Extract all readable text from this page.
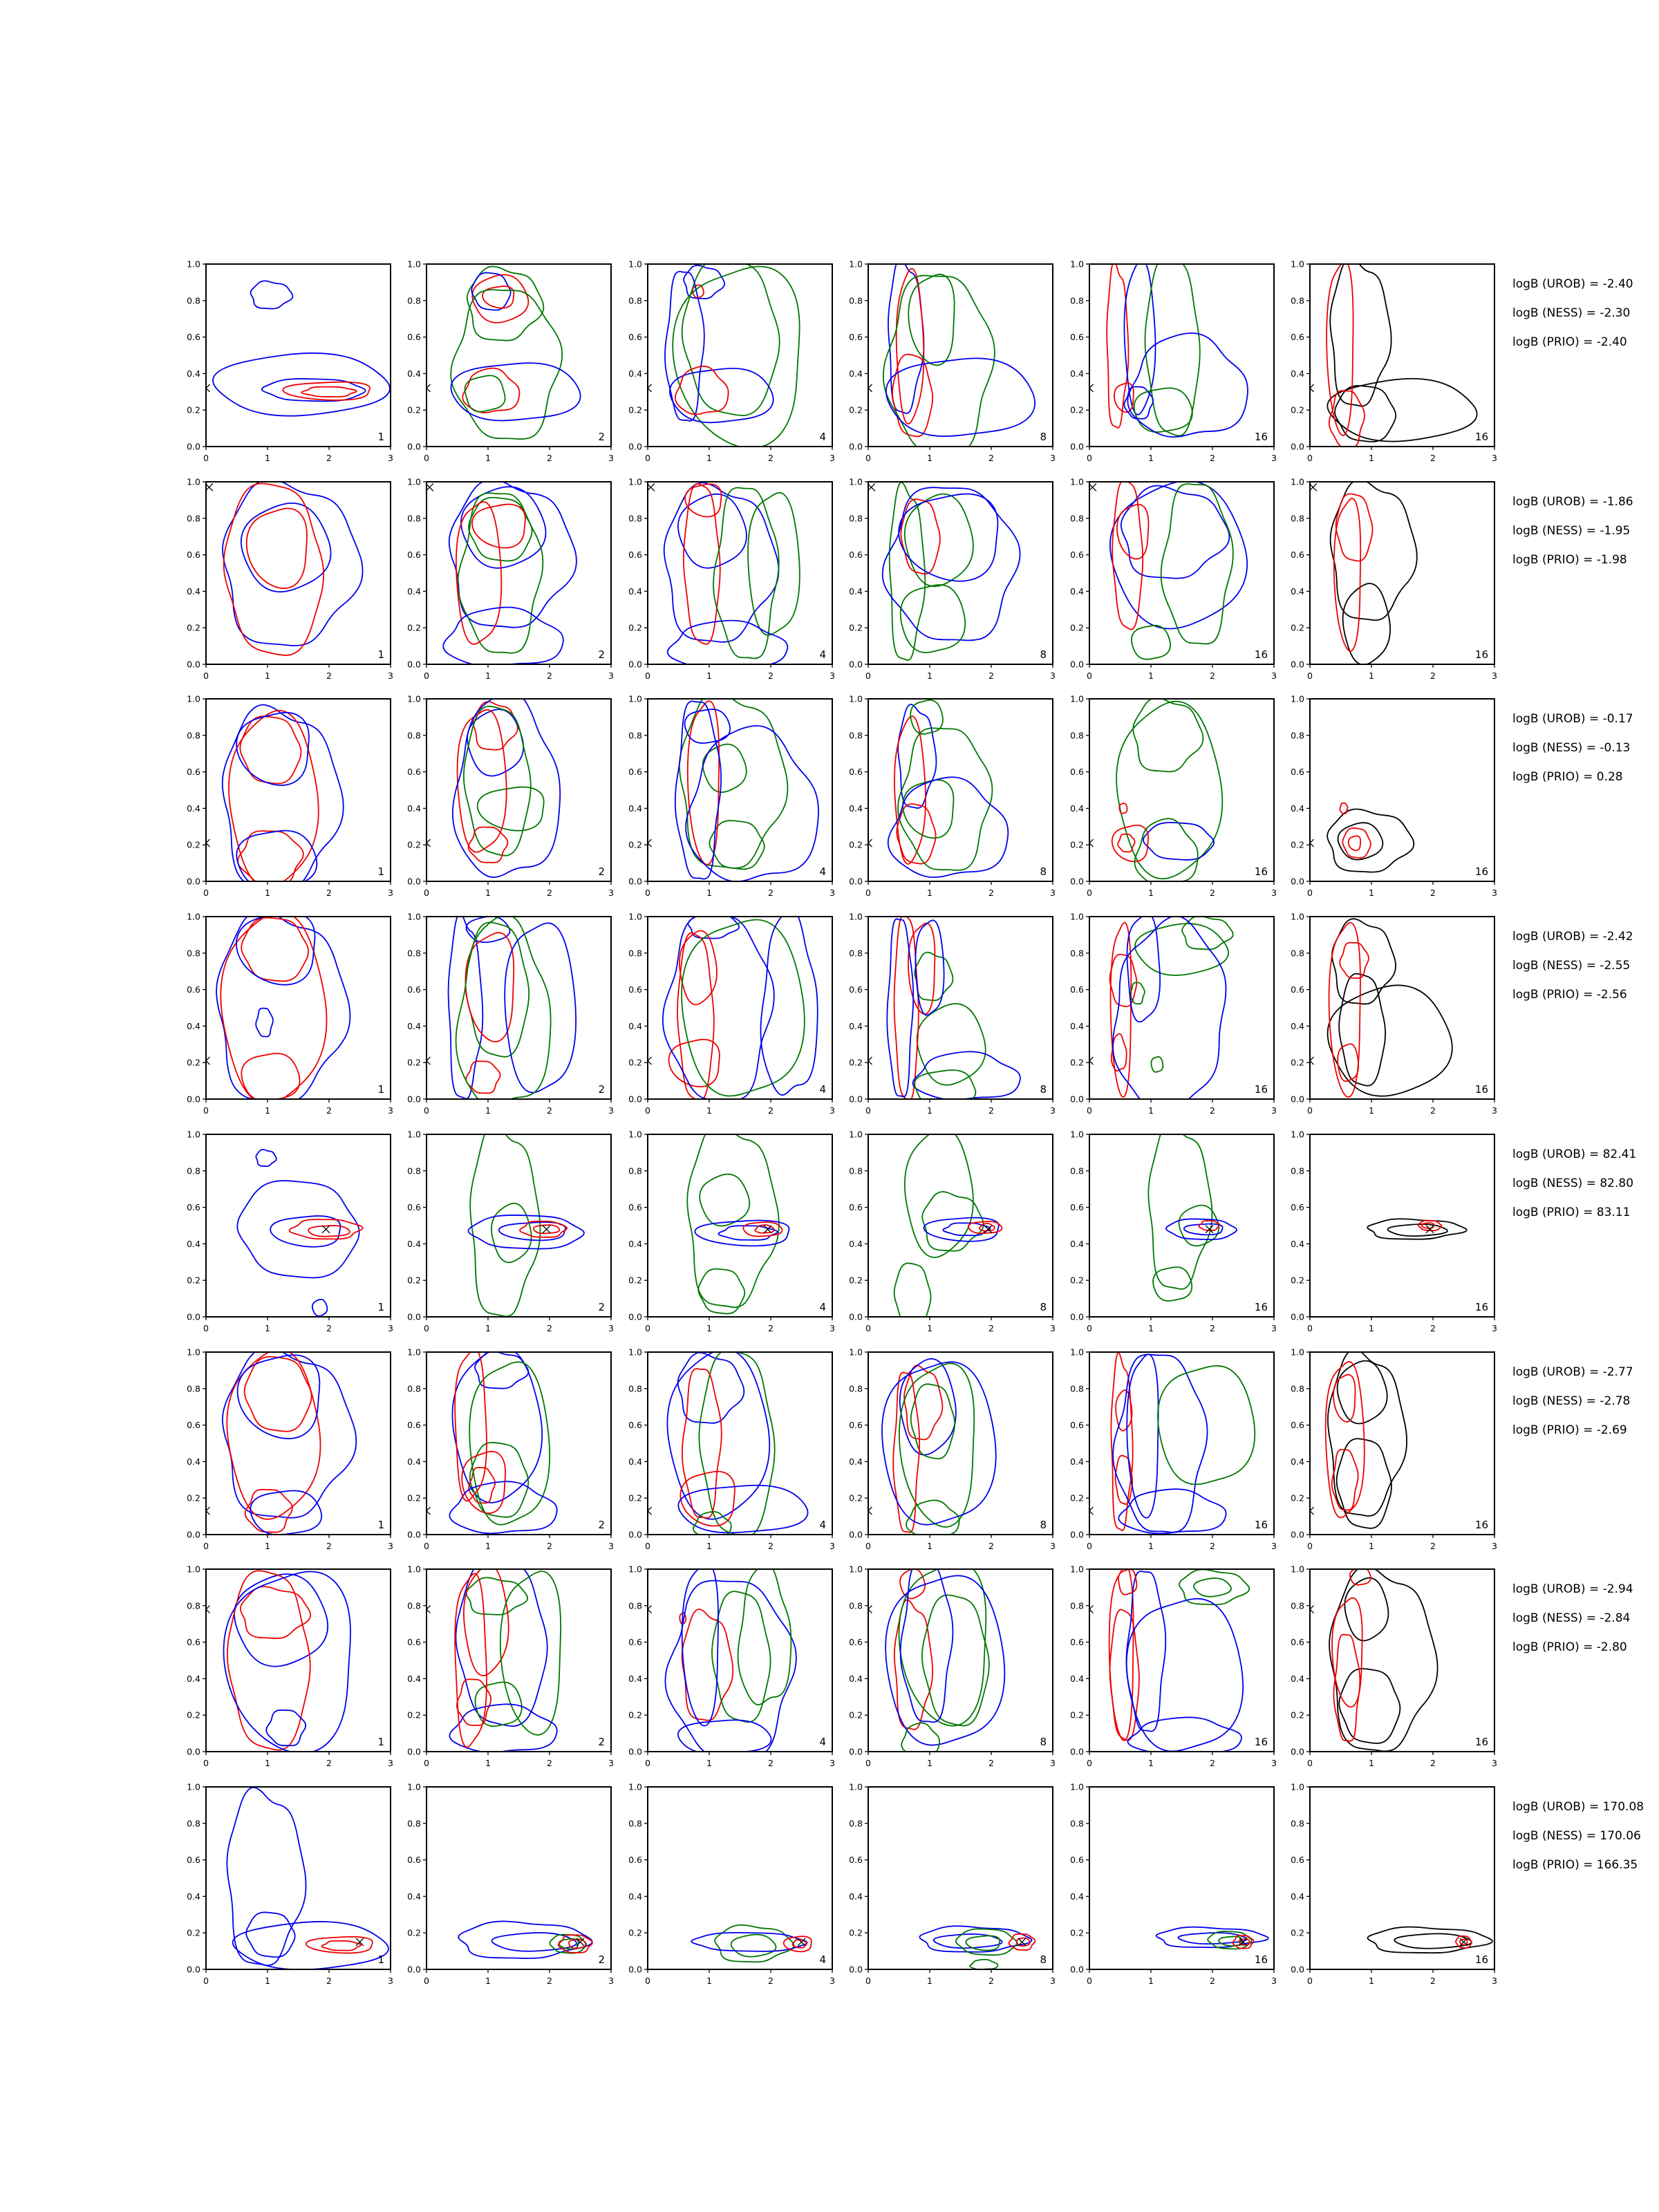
0	1	2	3
0.0
0.2
0.4
0.6
0.8
1.0
1
0	1	2	3
0.0
0.2
0.4
0.6
0.8
1.0
2
0	1	2	3
0.0
0.2
0.4
0.6
0.8
1.0
4
0	1	2	3
0.0
0.2
0.4
0.6
0.8
1.0
8
0	1	2	3
0.0
0.2
0.4
0.6
0.8
1.0
16
0	1	2	3
0.0
0.2
0.4
0.6
0.8
1.0
16
0	1	2	3
0.0
0.2
0.4
0.6
0.8
1.0
1
0	1	2	3
0.0
0.2
0.4
0.6
0.8
1.0
2
0	1	2	3
0.0
0.2
0.4
0.6
0.8
1.0
4
0	1	2	3
0.0
0.2
0.4
0.6
0.8
1.0
8
0	1	2	3
0.0
0.2
0.4
0.6
0.8
1.0
16
0	1	2	3
0.0
0.2
0.4
0.6
0.8
1.0
16
0	1	2	3
0.0
0.2
0.4
0.6
0.8
1.0
1
0	1	2	3
0.0
0.2
0.4
0.6
0.8
1.0
2
0	1	2	3
0.0
0.2
0.4
0.6
0.8
1.0
4
0	1	2	3
0.0
0.2
0.4
0.6
0.8
1.0
8
0	1	2	3
0.0
0.2
0.4
0.6
0.8
1.0
16
0	1	2	3
0.0
0.2
0.4
0.6
0.8
1.0
16
0	1	2	3
0.0
0.2
0.4
0.6
0.8
1.0
1
0	1	2	3
0.0
0.2
0.4
0.6
0.8
1.0
2
0	1	2	3
0.0
0.2
0.4
0.6
0.8
1.0
4
0	1	2	3
0.0
0.2
0.4
0.6
0.8
1.0
8
0	1	2	3
0.0
0.2
0.4
0.6
0.8
1.0
16
0	1	2	3
0.0
0.2
0.4
0.6
0.8
1.0
16
0	1	2	3
0.0
0.2
0.4
0.6
0.8
1.0
1
0	1	2	3
0.0
0.2
0.4
0.6
0.8
1.0
2
0	1	2	3
0.0
0.2
0.4
0.6
0.8
1.0
4
0	1	2	3
0.0
0.2
0.4
0.6
0.8
1.0
8
0	1	2	3
0.0
0.2
0.4
0.6
0.8
1.0
16
0	1	2	3
0.0
0.2
0.4
0.6
0.8
1.0
16
0	1	2	3
0.0
0.2
0.4
0.6
0.8
1.0
1
0	1	2	3
0.0
0.2
0.4
0.6
0.8
1.0
2
0	1	2	3
0.0
0.2
0.4
0.6
0.8
1.0
4
0	1	2	3
0.0
0.2
0.4
0.6
0.8
1.0
8
0	1	2	3
0.0
0.2
0.4
0.6
0.8
1.0
16
0	1	2	3
0.0
0.2
0.4
0.6
0.8
1.0
16
0	1	2	3
0.0
0.2
0.4
0.6
0.8
1.0
1
0	1	2	3
0.0
0.2
0.4
0.6
0.8
1.0
2
0	1	2	3
0.0
0.2
0.4
0.6
0.8
1.0
4
0	1	2	3
0.0
0.2
0.4
0.6
0.8
1.0
8
0	1	2	3
0.0
0.2
0.4
0.6
0.8
1.0
16
0	1	2	3
0.0
0.2
0.4
0.6
0.8
1.0
16
0	1	2	3
0.0
0.2
0.4
0.6
0.8
1.0
1
0	1	2	3
0.0
0.2
0.4
0.6
0.8
1.0
2
0	1	2	3
0.0
0.2
0.4
0.6
0.8
1.0
4
0	1	2	3
0.0
0.2
0.4
0.6
0.8
1.0
8
0	1	2	3
0.0
0.2
0.4
0.6
0.8
1.0
16
0	1	2	3
0.0
0.2
0.4
0.6
0.8
1.0
16
logB (UROB) = -2.40
logB (NESS) = -2.30
logB (PRIO) = -2.40
logB (UROB) = -1.86
logB (NESS) = -1.95
logB (PRIO) = -1.98
logB (UROB) = -0.17
logB (NESS) = -0.13
logB (PRIO) = 0.28
logB (UROB) = -2.42
logB (NESS) = -2.55
logB (PRIO) = -2.56
logB (UROB) = 82.41
logB (NESS) = 82.80
logB (PRIO) = 83.11
logB (UROB) = -2.77
logB (NESS) = -2.78
logB (PRIO) = -2.69
logB (UROB) = -2.94
logB (NESS) = -2.84
logB (PRIO) = -2.80
logB (UROB) = 170.08
logB (NESS) = 170.06
logB (PRIO) = 166.35
